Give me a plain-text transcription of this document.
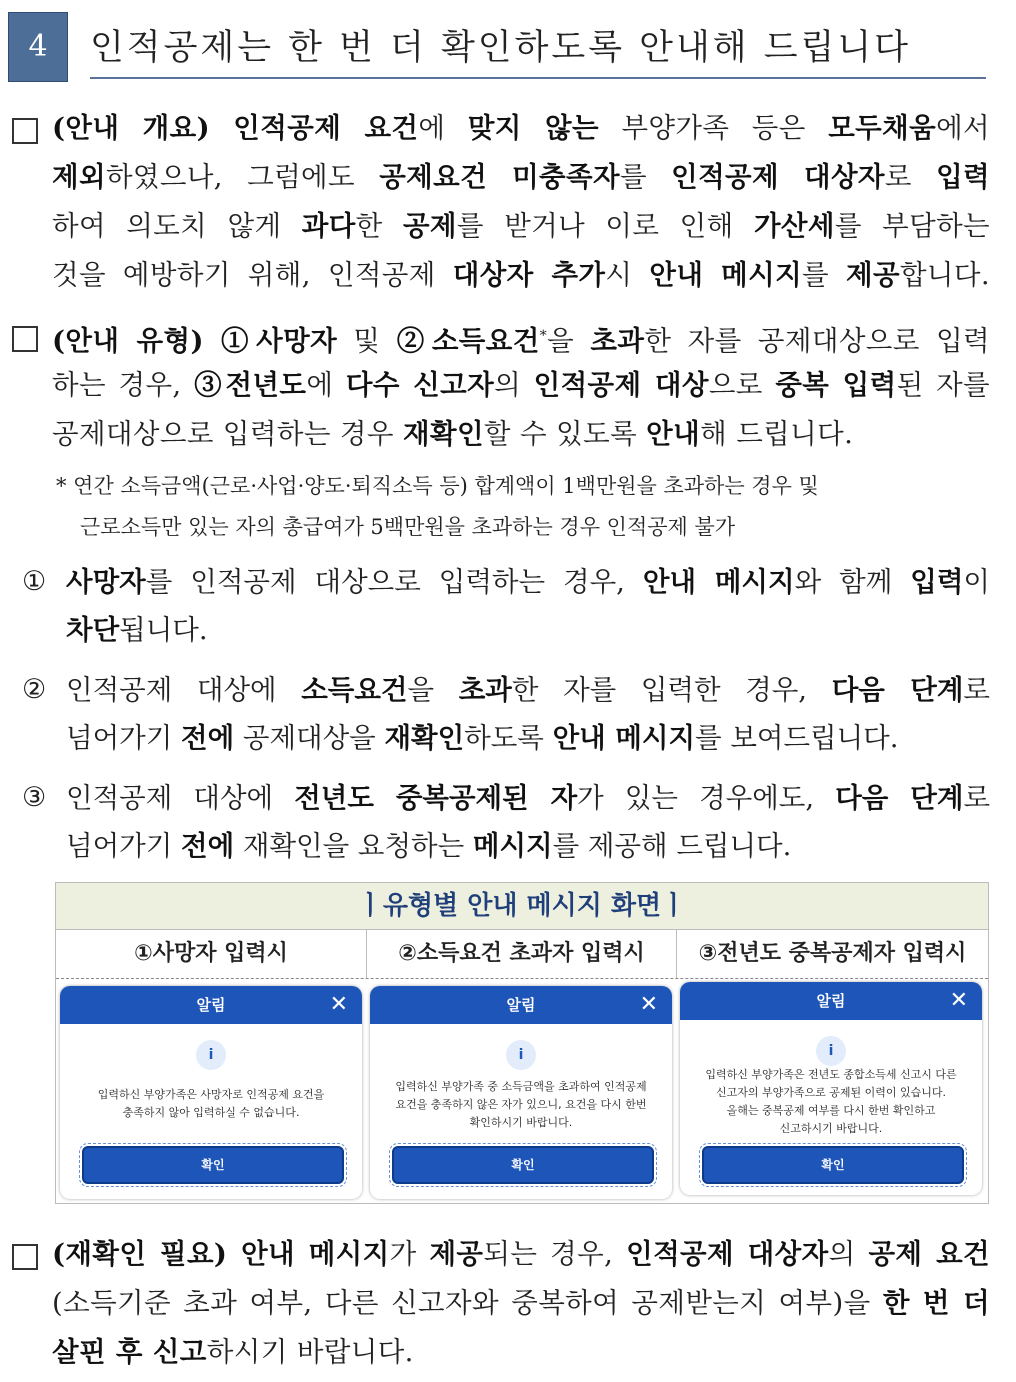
4	인적공제는 한 번 더 확인하도록 안내해 드립니다
(안내 개요) 인적공제 요건에 맞지 않는 부양가족 등은 모두채움에서
제외하였으나, 그럼에도 공제요건 미충족자를 인적공제 대상자로 입력
하여 의도치 않게 과다한 공제를 받거나 이로 인해 가산세를 부담하는
것을 예방하기 위해, 인적공제 대상자 추가시 안내 메시지를 제공합니다.
(안내 유형) ①사망자 및 ②소득요건*을 초과한 자를 공제대상으로 입력
하는 경우, ③전년도에 다수 신고자의 인적공제 대상으로 중복 입력된 자를
공제대상으로 입력하는 경우 재확인할 수 있도록 안내해 드립니다.
* 연간 소득금액(근로·사업·양도·퇴직소득 등) 합계액이 1백만원을 초과하는 경우 및
근로소득만 있는 자의 총급여가 5백만원을 초과하는 경우 인적공제 불가
① 사망자를 인적공제 대상으로 입력하는 경우, 안내 메시지와 함께 입력이
차단됩니다.
② 인적공제 대상에 소득요건을 초과한 자를 입력한 경우, 다음 단계로
넘어가기 전에 공제대상을 재확인하도록 안내 메시지를 보여드립니다.
③ 인적공제 대상에 전년도 중복공제된 자가 있는 경우에도, 다음 단계로
넘어가기 전에 재확인을 요청하는 메시지를 제공해 드립니다.
ㅣ유형별 안내 메시지 화면ㅣ
①사망자 입력시	②소득요건 초과자 입력시	③전년도 중복공제자 입력시
알림	✕
i
입력하신 부양가족은 사망자로 인적공제 요건을
충족하지 않아 입력하실 수 없습니다.
확인
알림	✕
i
입력하신 부양가족 중 소득금액을 초과하여 인적공제
요건을 충족하지 않은 자가 있으니, 요건을 다시 한번
확인하시기 바랍니다.
확인
알림	✕
i
입력하신 부양가족은 전년도 종합소득세 신고시 다른
신고자의 부양가족으로 공제된 이력이 있습니다.
올해는 중복공제 여부를 다시 한번 확인하고
신고하시기 바랍니다.
확인
(재확인 필요) 안내 메시지가 제공되는 경우, 인적공제 대상자의 공제 요건
(소득기준 초과 여부, 다른 신고자와 중복하여 공제받는지 여부)을 한 번 더
살핀 후 신고하시기 바랍니다.
